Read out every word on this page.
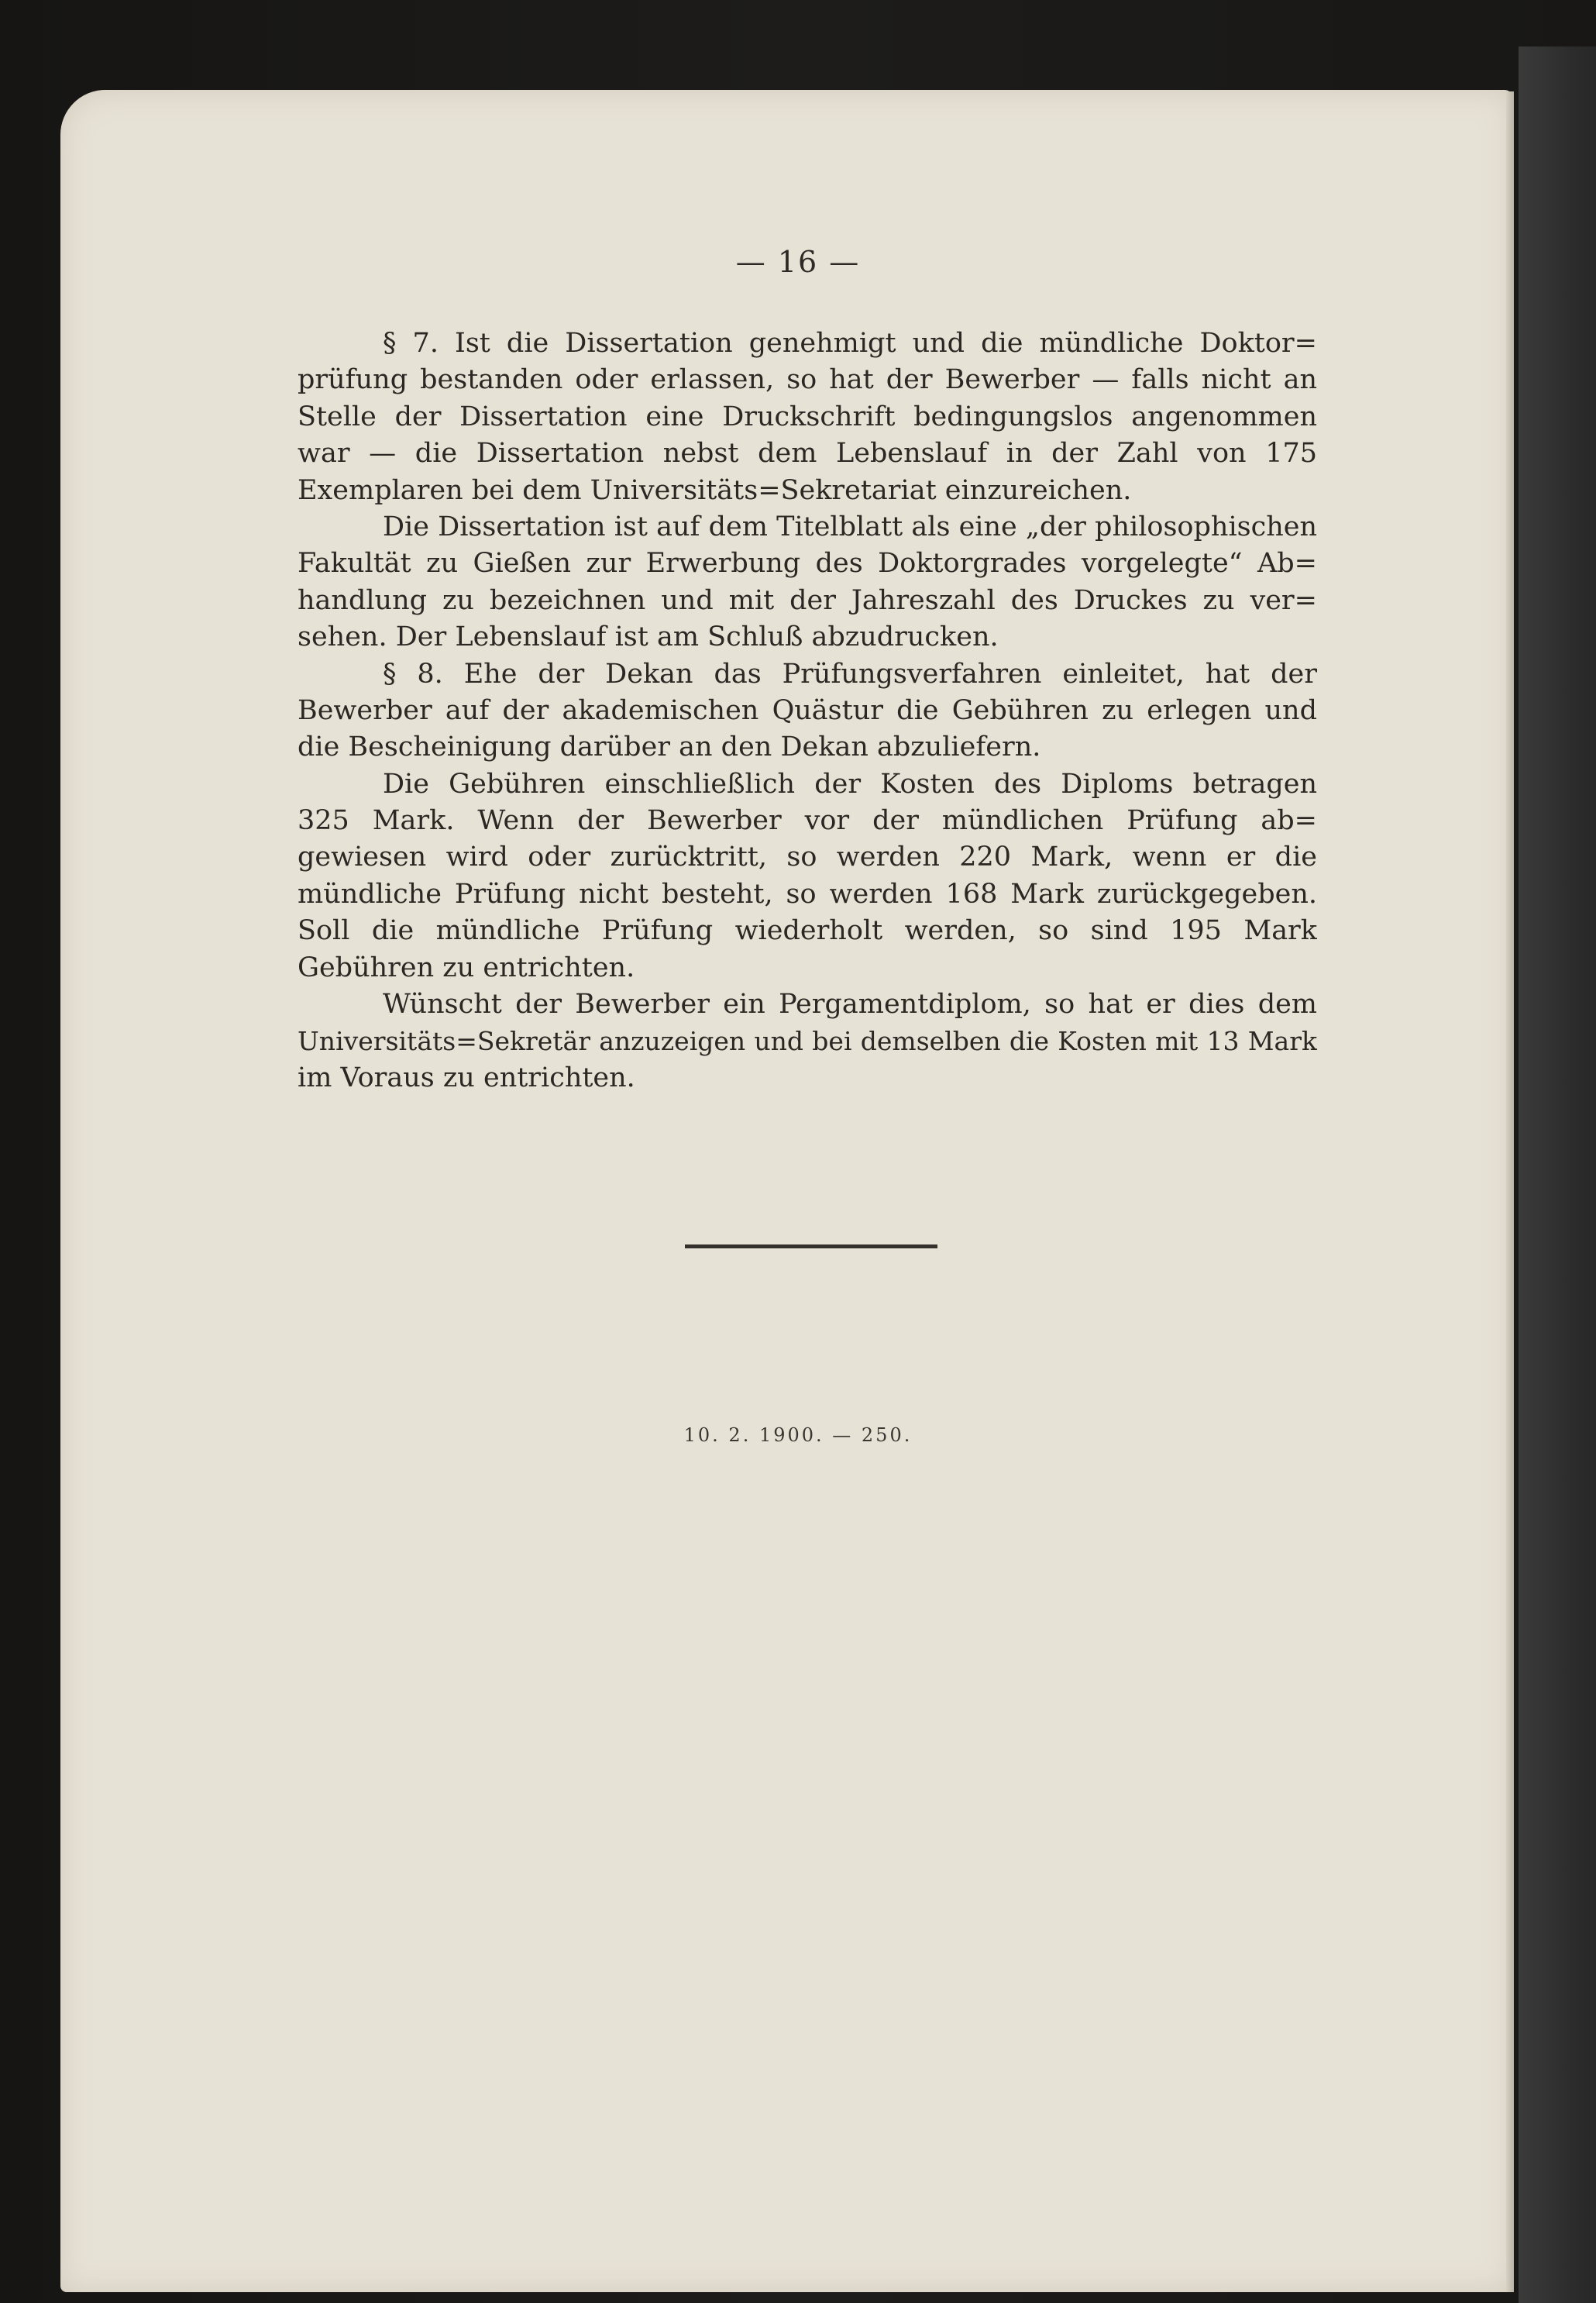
— 16 —
§ 7. Ist die Dissertation genehmigt und die mündliche Doktor=
prüfung bestanden oder erlassen, so hat der Bewerber — falls nicht an
Stelle der Dissertation eine Druckschrift bedingungslos angenommen
war — die Dissertation nebst dem Lebenslauf in der Zahl von 175
Exemplaren bei dem Universitäts=Sekretariat einzureichen.
Die Dissertation ist auf dem Titelblatt als eine „der philosophischen
Fakultät zu Gießen zur Erwerbung des Doktorgrades vorgelegte“ Ab=
handlung zu bezeichnen und mit der Jahreszahl des Druckes zu ver=
sehen. Der Lebenslauf ist am Schluß abzudrucken.
§ 8. Ehe der Dekan das Prüfungsverfahren einleitet, hat der
Bewerber auf der akademischen Quästur die Gebühren zu erlegen und
die Bescheinigung darüber an den Dekan abzuliefern.
Die Gebühren einschließlich der Kosten des Diploms betragen
325 Mark. Wenn der Bewerber vor der mündlichen Prüfung ab=
gewiesen wird oder zurücktritt, so werden 220 Mark, wenn er die
mündliche Prüfung nicht besteht, so werden 168 Mark zurückgegeben.
Soll die mündliche Prüfung wiederholt werden, so sind 195 Mark
Gebühren zu entrichten.
Wünscht der Bewerber ein Pergamentdiplom, so hat er dies dem
Universitäts=Sekretär anzuzeigen und bei demselben die Kosten mit 13 Mark
im Voraus zu entrichten.
10. 2. 1900. — 250.
